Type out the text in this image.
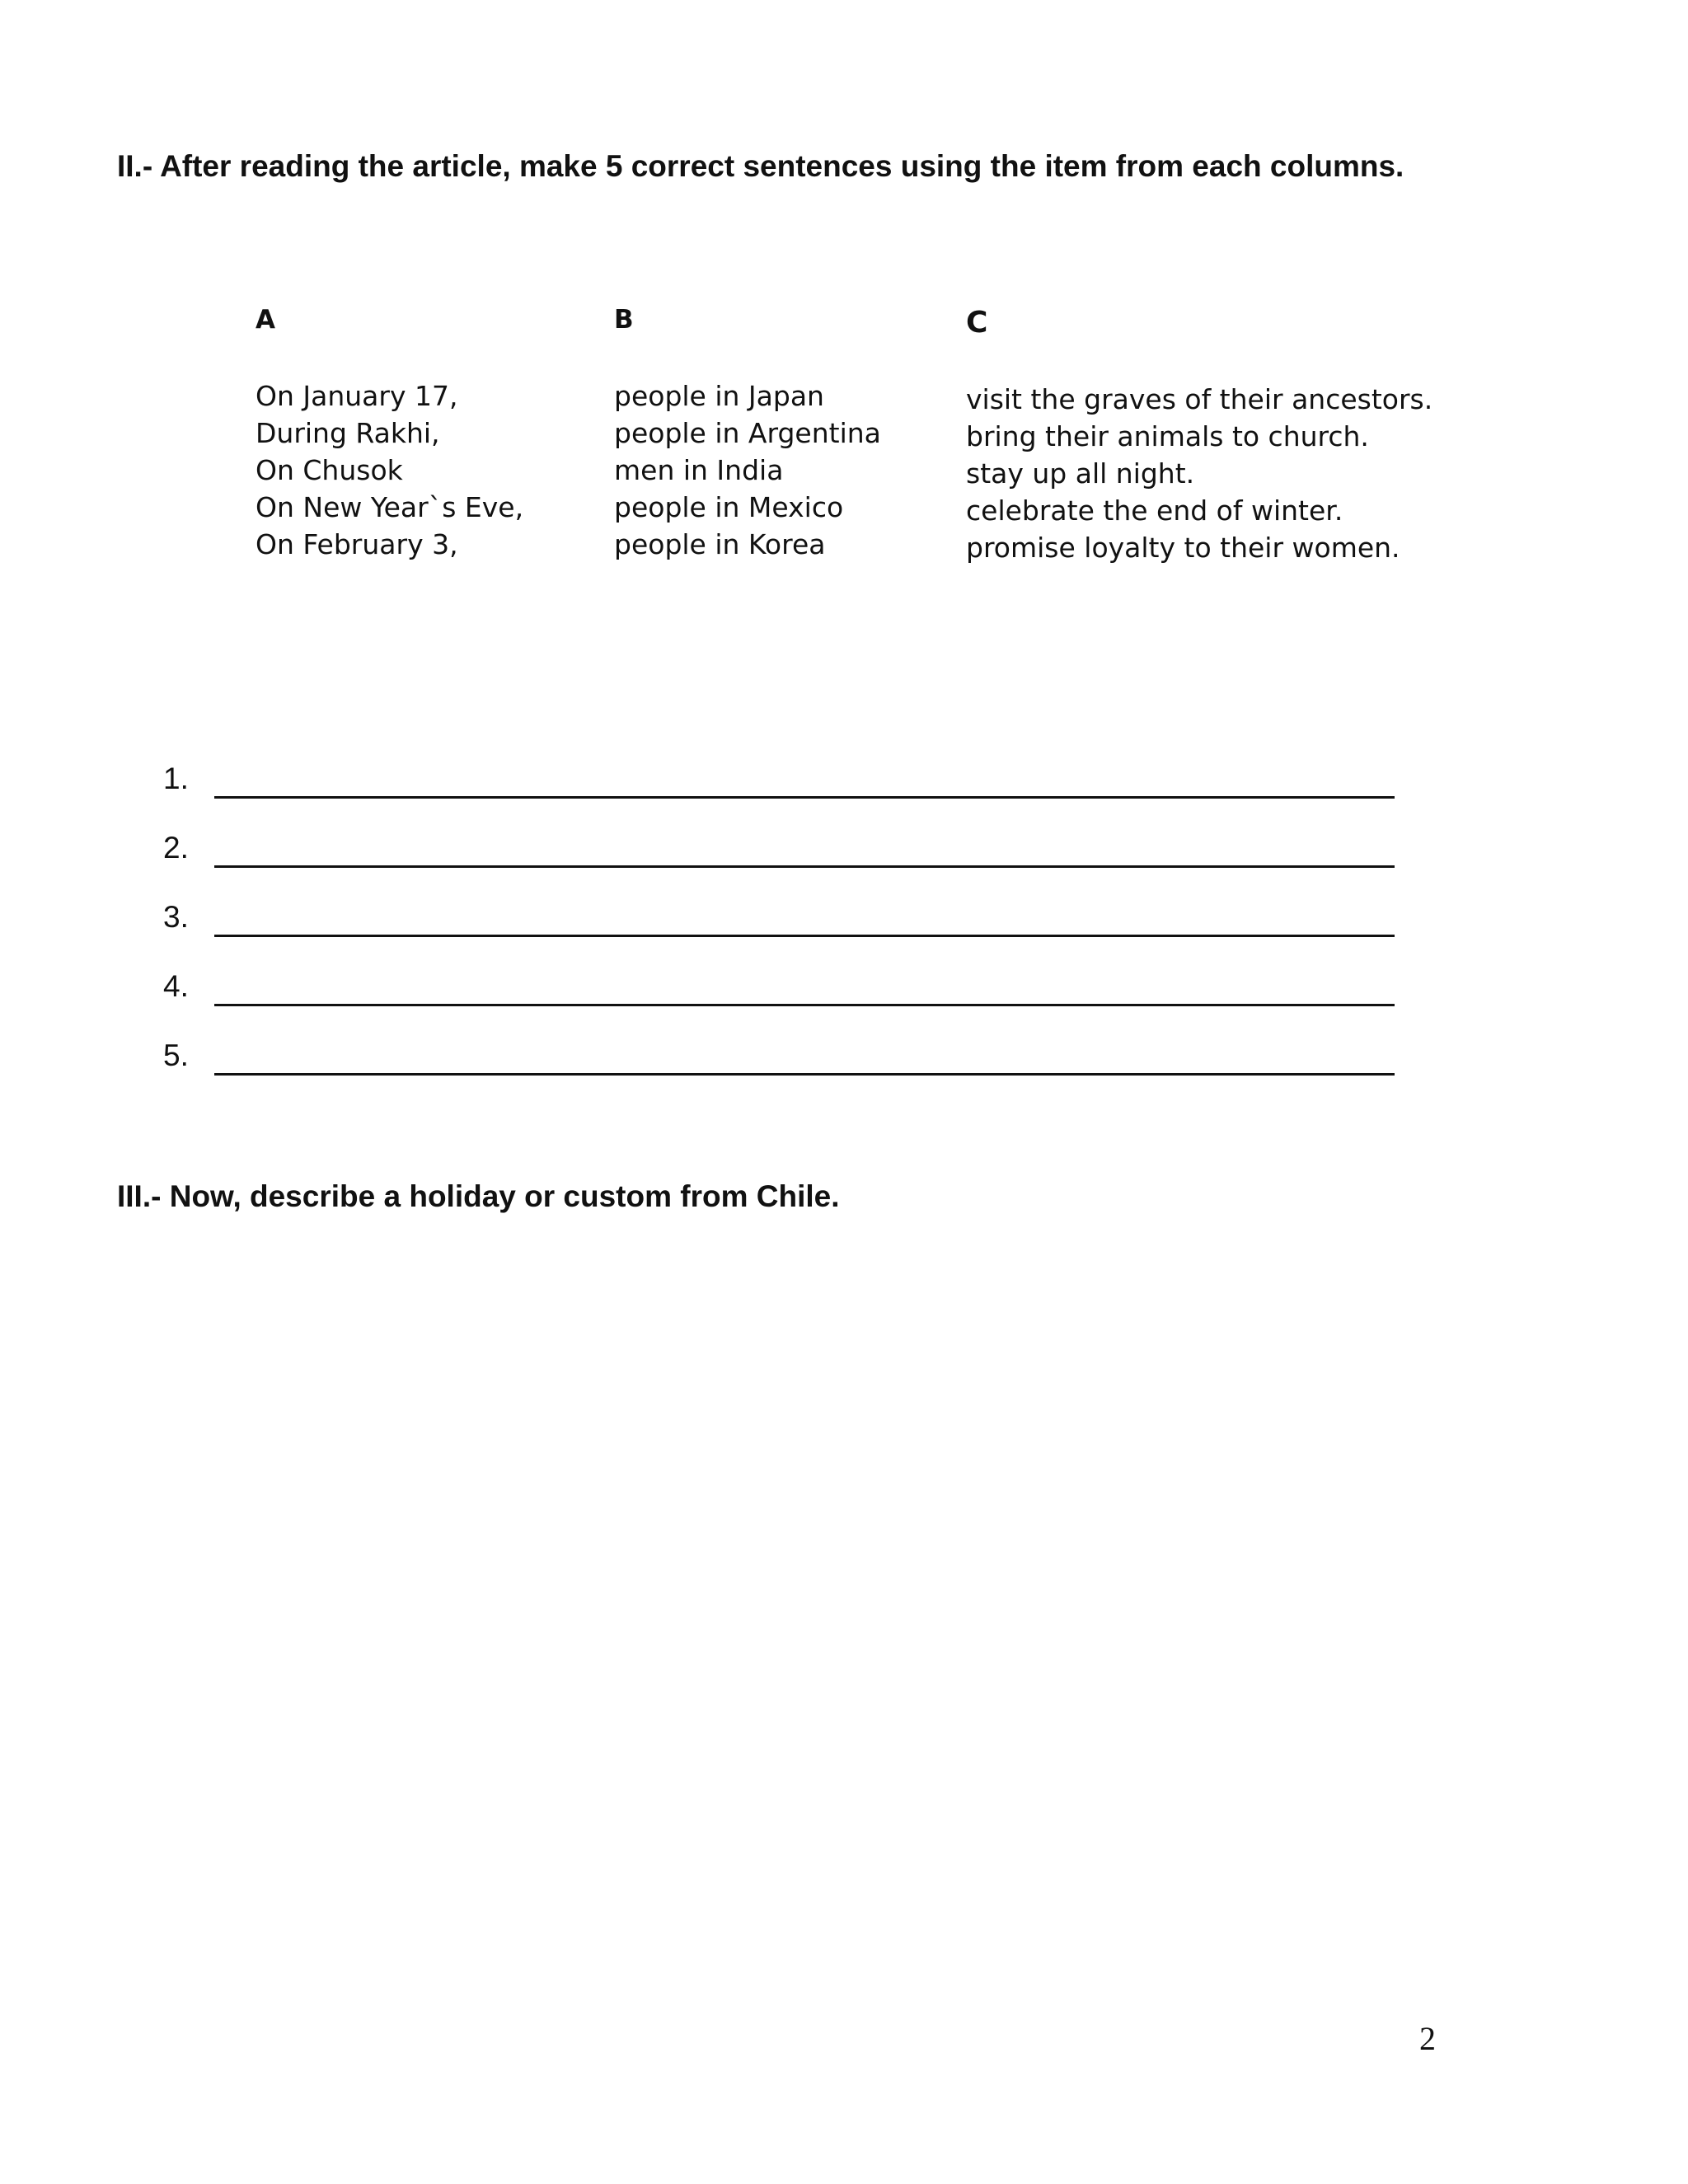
II.- After reading the article, make 5 correct sentences using the item from each columns.
A
On January 17,
During Rakhi,
On Chusok
On New Year`s Eve,
On February 3,
B
people in Japan
people in Argentina
men in India
people in Mexico
people in Korea
C
visit the graves of their ancestors.
bring their animals to church.
stay up all night.
celebrate the end of winter.
promise loyalty to their women.
1.
2.
3.
4.
5.
III.- Now, describe a holiday or custom from Chile.
2
